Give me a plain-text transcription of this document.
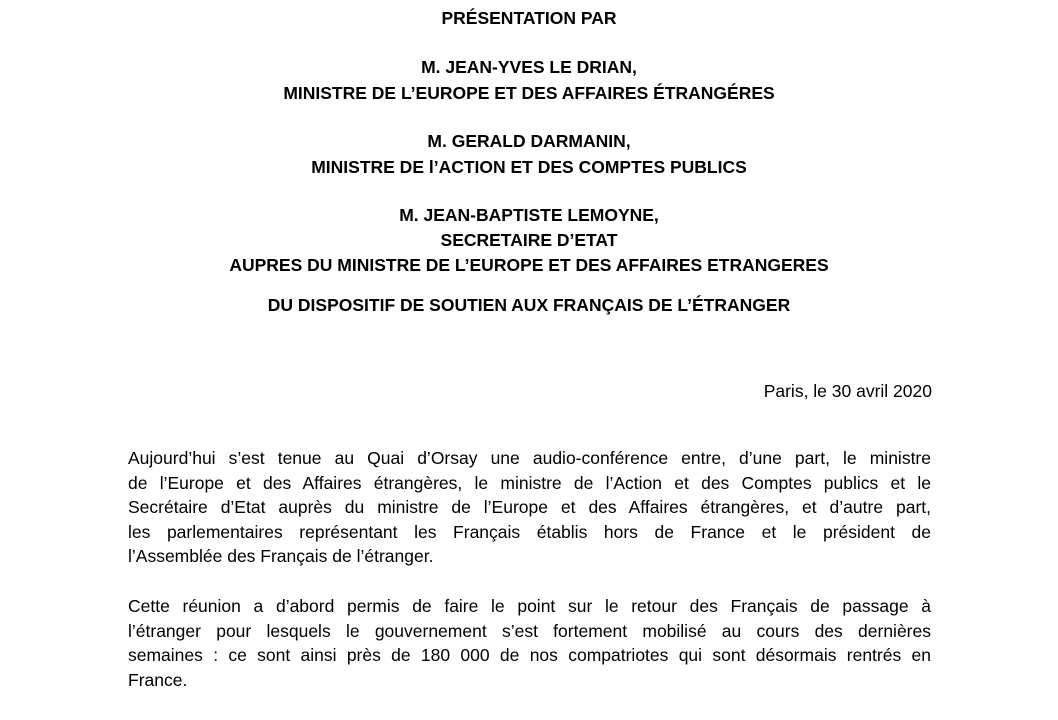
PRÉSENTATION PAR
M. JEAN-YVES LE DRIAN,
MINISTRE DE L’EUROPE ET DES AFFAIRES ÉTRANGÉRES
M. GERALD DARMANIN,
MINISTRE DE l’ACTION ET DES COMPTES PUBLICS
M. JEAN-BAPTISTE LEMOYNE,
SECRETAIRE D’ETAT
AUPRES DU MINISTRE DE L’EUROPE ET DES AFFAIRES ETRANGERES
DU DISPOSITIF DE SOUTIEN AUX FRANÇAIS DE L’ÉTRANGER
Paris, le 30 avril 2020
Aujourd’hui s’est tenue au Quai d’Orsay une audio-conférence entre, d’une part, le ministre
de l’Europe et des Affaires étrangères, le ministre de l’Action et des Comptes publics et le
Secrétaire d’Etat auprès du ministre de l’Europe et des Affaires étrangères, et d’autre part,
les parlementaires représentant les Français établis hors de France et le président de
l’Assemblée des Français de l’étranger.
Cette réunion a d’abord permis de faire le point sur le retour des Français de passage à
l’étranger pour lesquels le gouvernement s’est fortement mobilisé au cours des dernières
semaines : ce sont ainsi près de 180 000 de nos compatriotes qui sont désormais rentrés en
France.
